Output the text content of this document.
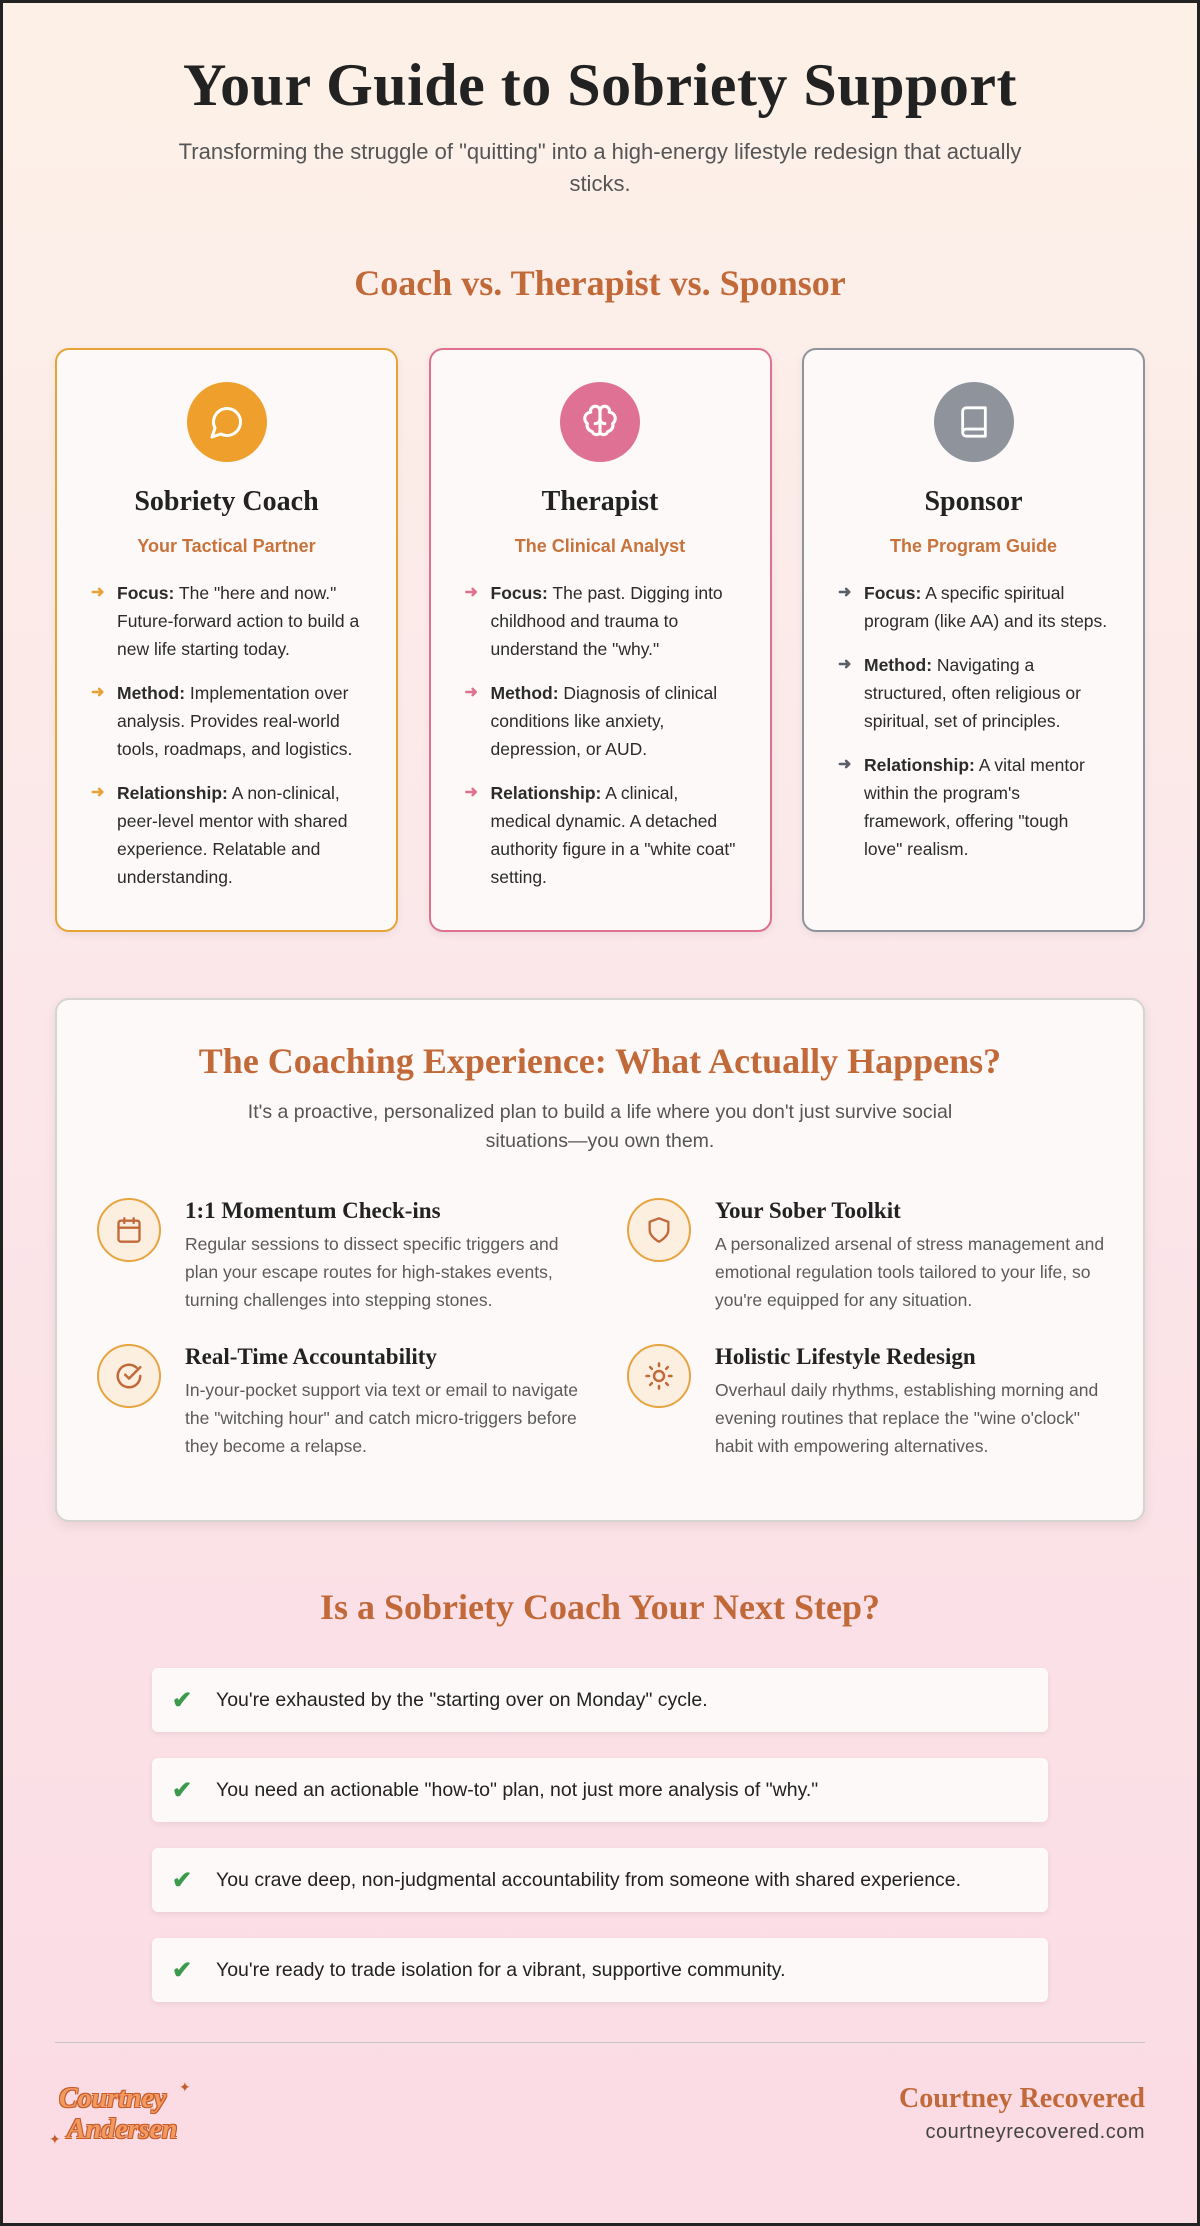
Your Guide to Sobriety Support

Transforming the struggle of "quitting" into a high-energy lifestyle redesign that actually sticks.

Coach vs. Therapist vs. Sponsor
Sobriety Coach
Your Tactical Partner
➜ Focus: The "here and now." Future-forward action to build a new life starting today.
➜ Method: Implementation over analysis. Provides real-world tools, roadmaps, and logistics.
➜ Relationship: A non-clinical, peer-level mentor with shared experience. Relatable and understanding.
Therapist
The Clinical Analyst
➜ Focus: The past. Digging into childhood and trauma to understand the "why."
➜ Method: Diagnosis of clinical conditions like anxiety, depression, or AUD.
➜ Relationship: A clinical, medical dynamic. A detached authority figure in a "white coat" setting.
Sponsor
The Program Guide
➜ Focus: A specific spiritual program (like AA) and its steps.
➜ Method: Navigating a structured, often religious or spiritual, set of principles.
➜ Relationship: A vital mentor within the program's framework, offering "tough love" realism.
The Coaching Experience: What Actually Happens?

It's a proactive, personalized plan to build a life where you don't just survive social situations—you own them.

1:1 Momentum Check-ins

Regular sessions to dissect specific triggers and plan your escape routes for high-stakes events, turning challenges into stepping stones.

Your Sober Toolkit

A personalized arsenal of stress management and emotional regulation tools tailored to your life, so you're equipped for any situation.

Real-Time Accountability

In-your-pocket support via text or email to navigate the "witching hour" and catch micro-triggers before they become a relapse.

Holistic Lifestyle Redesign

Overhaul daily rhythms, establishing morning and evening routines that replace the "wine o'clock" habit with empowering alternatives.

Is a Sobriety Coach Your Next Step?
✔	You're exhausted by the "starting over on Monday" cycle.
✔	You need an actionable "how-to" plan, not just more analysis of "why."
✔	You crave deep, non-judgmental accountability from someone with shared experience.
✔	You're ready to trade isolation for a vibrant, supportive community.
Courtney
Andersen
✦
✦
Courtney Recovered
courtneyrecovered.com
